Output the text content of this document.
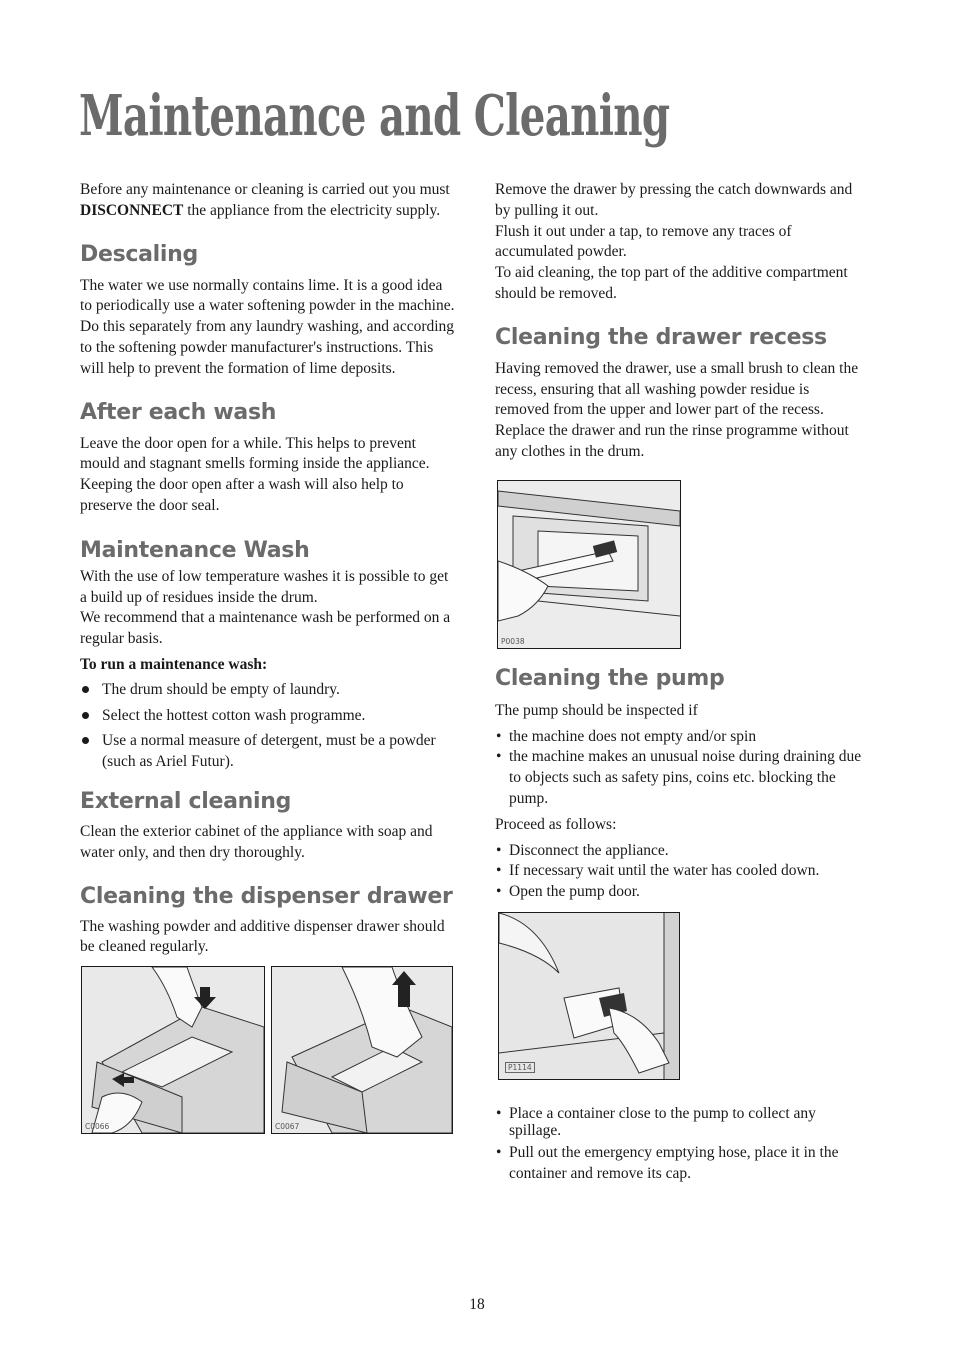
Maintenance and Cleaning

Before any maintenance or cleaning is carried out you must DISCONNECT the appliance from the electricity supply.

Descaling

The water we use normally contains lime. It is a good idea to periodically use a water softening powder in the machine. Do this separately from any laundry washing, and according to the softening powder manufacturer's instructions. This will help to prevent the formation of lime deposits.

After each wash

Leave the door open for a while. This helps to prevent mould and stagnant smells forming inside the appliance. Keeping the door open after a wash will also help to preserve the door seal.

Maintenance Wash

With the use of low temperature washes it is possible to get a build up of residues inside the drum.

We recommend that a maintenance wash be performed on a regular basis.

To run a maintenance wash:

The drum should be empty of laundry.
Select the hottest cotton wash programme.
Use a normal measure of detergent, must be a powder (such as Ariel Futur).
External cleaning

Clean the exterior cabinet of the appliance with soap and water only, and then dry thoroughly.

Cleaning the dispenser drawer

The washing powder and additive dispenser drawer should be cleaned regularly.

C0066	C0067

Remove the drawer by pressing the catch downwards and by pulling it out.

Flush it out under a tap, to remove any traces of accumulated powder.

To aid cleaning, the top part of the additive compartment should be removed.

Cleaning the drawer recess

Having removed the drawer, use a small brush to clean the recess, ensuring that all washing powder residue is removed from the upper and lower part of the recess. Replace the drawer and run the rinse programme without any clothes in the drum.

P0038
Cleaning the pump

The pump should be inspected if

• the machine does not empty and/or spin
• the machine makes an unusual noise during draining due to objects such as safety pins, coins etc. blocking the pump.

Proceed as follows:

• Disconnect the appliance.
• If necessary wait until the water has cooled down.
• Open the pump door.
P1114
• Place a container close to the pump to collect any spillage.
• Pull out the emergency emptying hose, place it in the container and remove its cap.
18
